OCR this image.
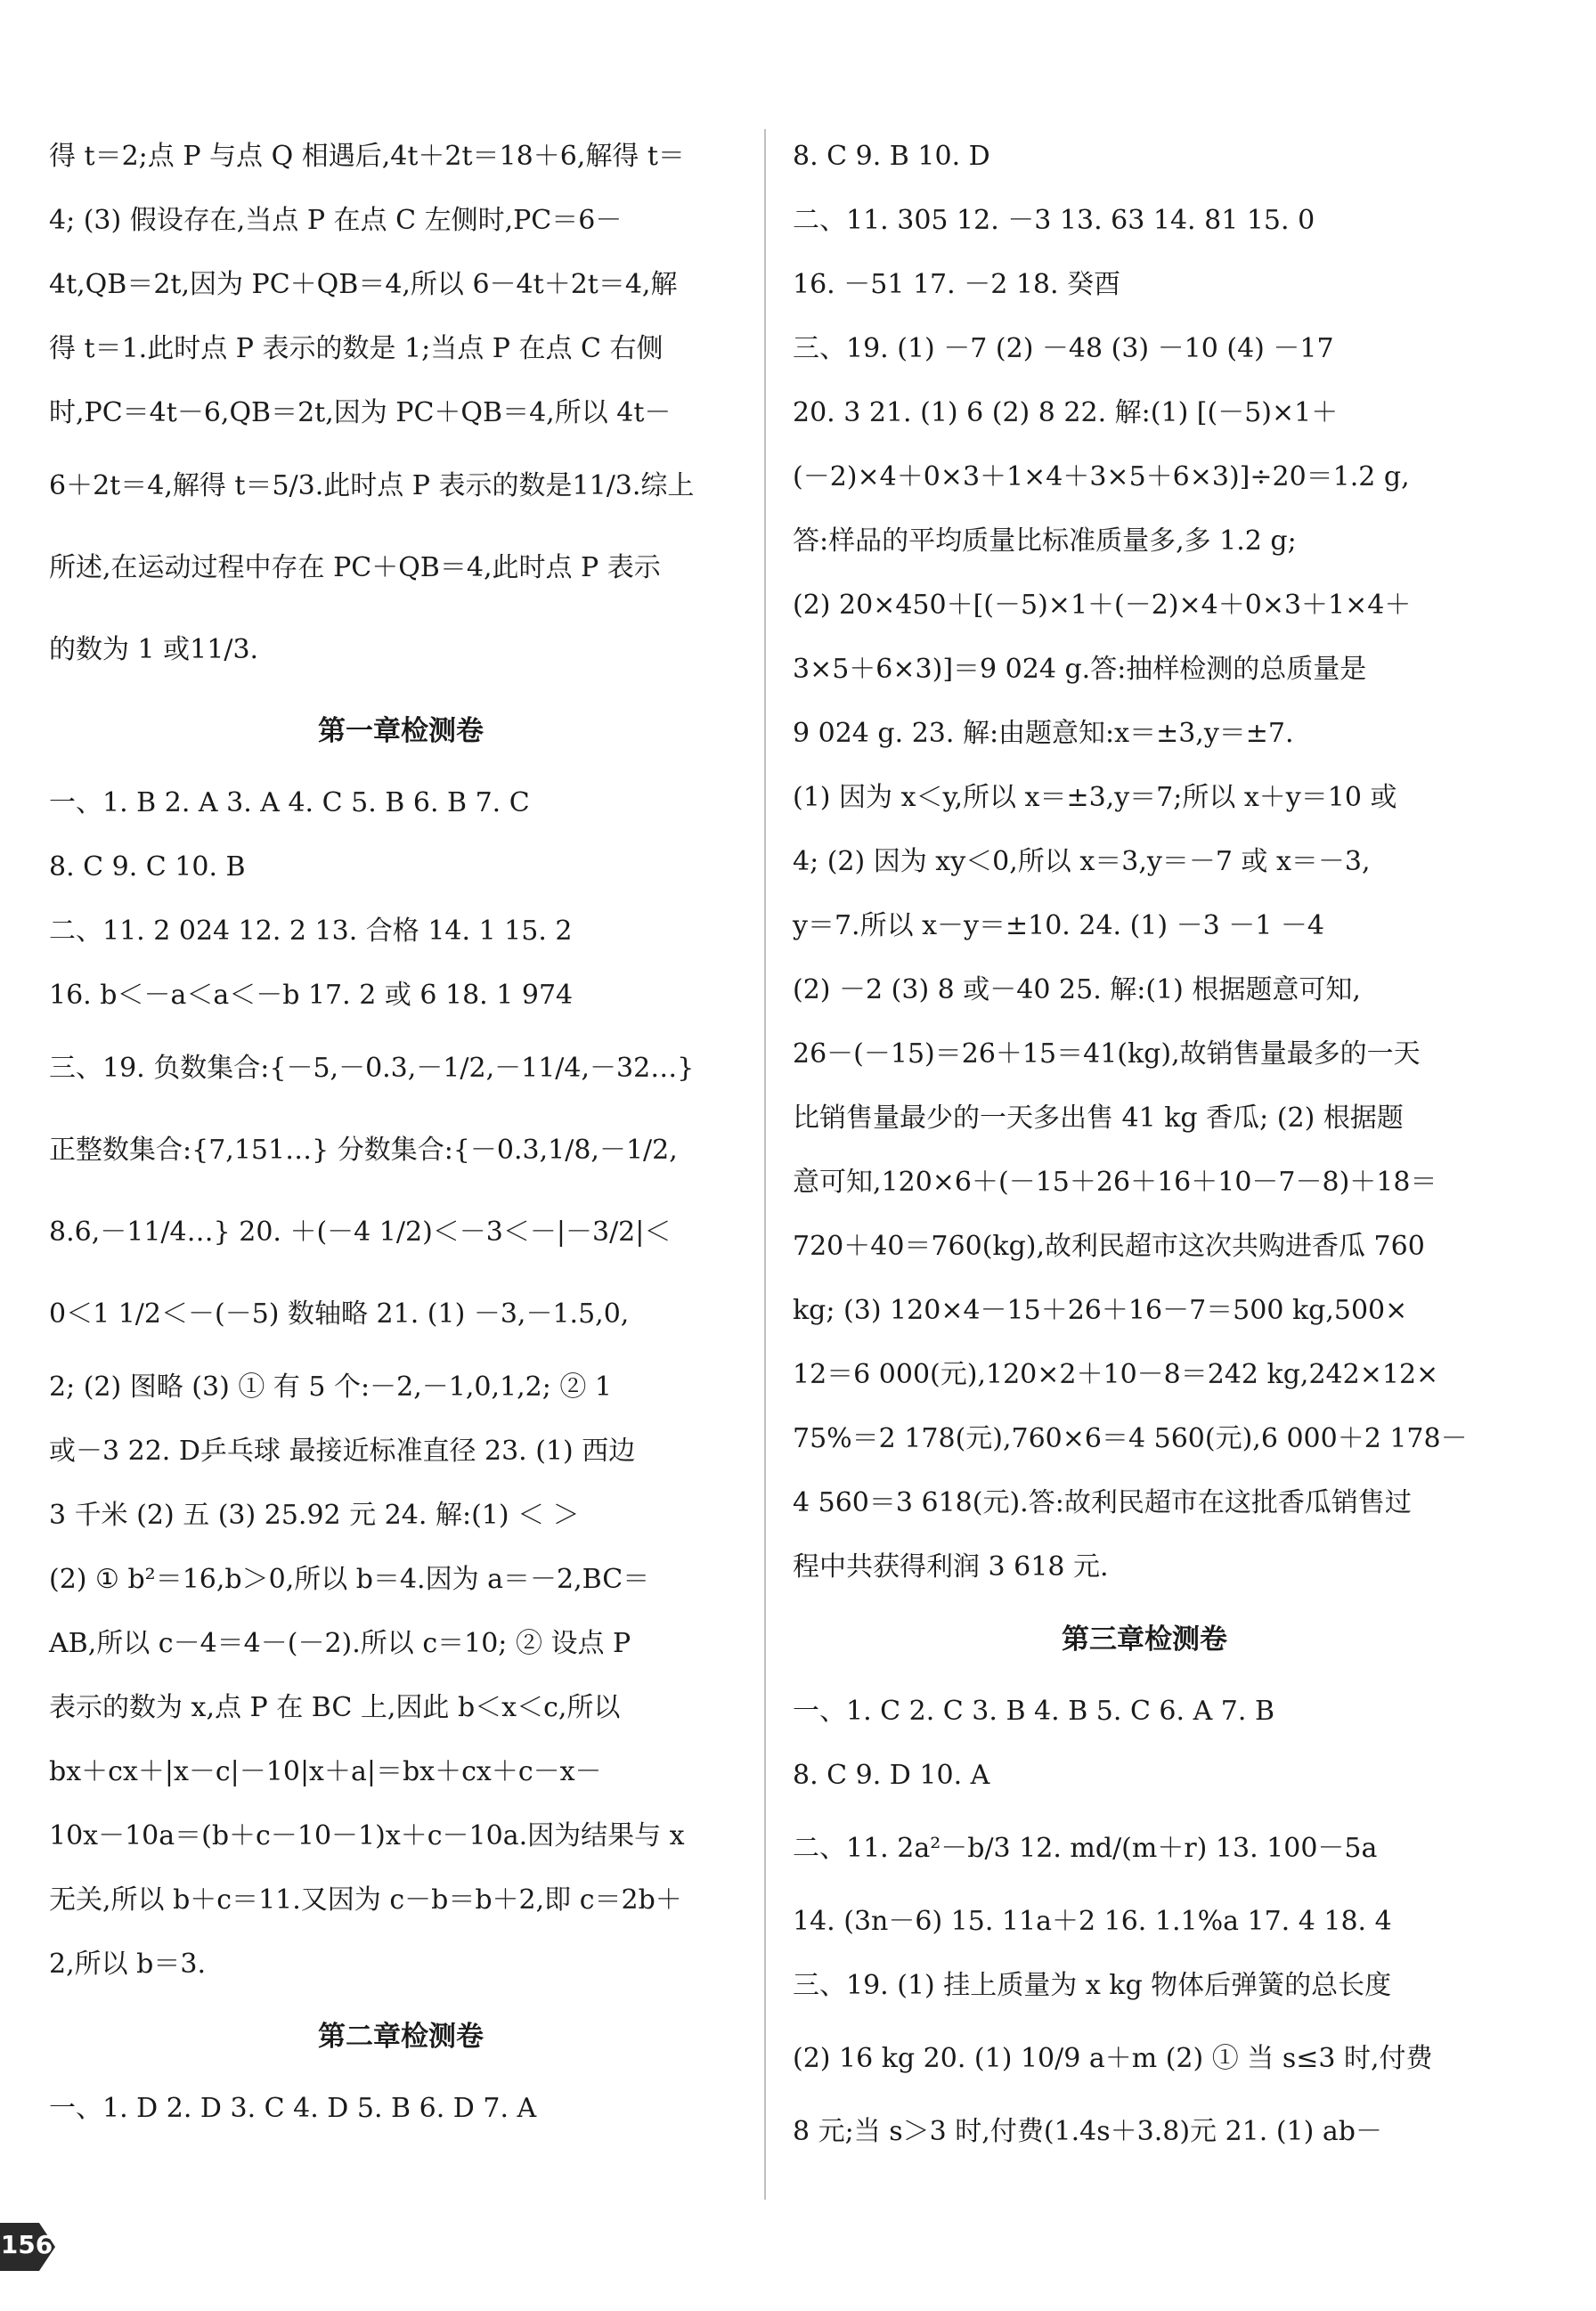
得 t＝2;点 P 与点 Q 相遇后,4t＋2t＝18＋6,解得 t＝
4; (3) 假设存在,当点 P 在点 C 左侧时,PC＝6－
4t,QB＝2t,因为 PC＋QB＝4,所以 6－4t＋2t＝4,解
得 t＝1.此时点 P 表示的数是 1;当点 P 在点 C 右侧
时,PC＝4t－6,QB＝2t,因为 PC＋QB＝4,所以 4t－
6＋2t＝4,解得 t＝5/3.此时点 P 表示的数是11/3.综上
所述,在运动过程中存在 PC＋QB＝4,此时点 P 表示
的数为 1 或11/3.
第一章检测卷
一、1. B 2. A 3. A 4. C 5. B 6. B 7. C
8. C 9. C 10. B
二、11. 2 024 12. 2 13. 合格 14. 1 15. 2
16. b＜－a＜a＜－b 17. 2 或 6 18. 1 974
三、19. 负数集合:{－5,－0.3,－1/2,－11/4,－32…}
正整数集合:{7,151…} 分数集合:{－0.3,1/8,－1/2,
8.6,－11/4…} 20. ＋(－4 1/2)＜－3＜－|－3/2|＜
0＜1 1/2＜－(－5) 数轴略 21. (1) －3,－1.5,0,
2; (2) 图略 (3) ① 有 5 个:－2,－1,0,1,2; ② 1
或－3 22. D乒乓球 最接近标准直径 23. (1) 西边
3 千米 (2) 五 (3) 25.92 元 24. 解:(1) ＜ ＞
(2) ① b²＝16,b＞0,所以 b＝4.因为 a＝－2,BC＝
AB,所以 c－4＝4－(－2).所以 c＝10; ② 设点 P
表示的数为 x,点 P 在 BC 上,因此 b＜x＜c,所以
bx＋cx＋|x－c|－10|x＋a|＝bx＋cx＋c－x－
10x－10a＝(b＋c－10－1)x＋c－10a.因为结果与 x
无关,所以 b＋c＝11.又因为 c－b＝b＋2,即 c＝2b＋
2,所以 b＝3.
第二章检测卷
一、1. D 2. D 3. C 4. D 5. B 6. D 7. A
8. C 9. B 10. D
二、11. 305 12. －3 13. 63 14. 81 15. 0
16. －51 17. －2 18. 癸酉
三、19. (1) －7 (2) －48 (3) －10 (4) －17
20. 3 21. (1) 6 (2) 8 22. 解:(1) [(－5)×1＋
(－2)×4＋0×3＋1×4＋3×5＋6×3)]÷20＝1.2 g,
答:样品的平均质量比标准质量多,多 1.2 g;
(2) 20×450＋[(－5)×1＋(－2)×4＋0×3＋1×4＋
3×5＋6×3)]＝9 024 g.答:抽样检测的总质量是
9 024 g. 23. 解:由题意知:x＝±3,y＝±7.
(1) 因为 x＜y,所以 x＝±3,y＝7;所以 x＋y＝10 或
4; (2) 因为 xy＜0,所以 x＝3,y＝－7 或 x＝－3,
y＝7.所以 x－y＝±10. 24. (1) －3 －1 －4
(2) －2 (3) 8 或－40 25. 解:(1) 根据题意可知,
26－(－15)＝26＋15＝41(kg),故销售量最多的一天
比销售量最少的一天多出售 41 kg 香瓜; (2) 根据题
意可知,120×6＋(－15＋26＋16＋10－7－8)＋18＝
720＋40＝760(kg),故利民超市这次共购进香瓜 760
kg; (3) 120×4－15＋26＋16－7＝500 kg,500×
12＝6 000(元),120×2＋10－8＝242 kg,242×12×
75%＝2 178(元),760×6＝4 560(元),6 000＋2 178－
4 560＝3 618(元).答:故利民超市在这批香瓜销售过
程中共获得利润 3 618 元.
第三章检测卷
一、1. C 2. C 3. B 4. B 5. C 6. A 7. B
8. C 9. D 10. A
二、11. 2a²－b/3 12. md/(m＋r) 13. 100－5a
14. (3n－6) 15. 11a＋2 16. 1.1%a 17. 4 18. 4
三、19. (1) 挂上质量为 x kg 物体后弹簧的总长度
(2) 16 kg 20. (1) 10/9 a＋m (2) ① 当 s≤3 时,付费
8 元;当 s＞3 时,付费(1.4s＋3.8)元 21. (1) ab－
156
